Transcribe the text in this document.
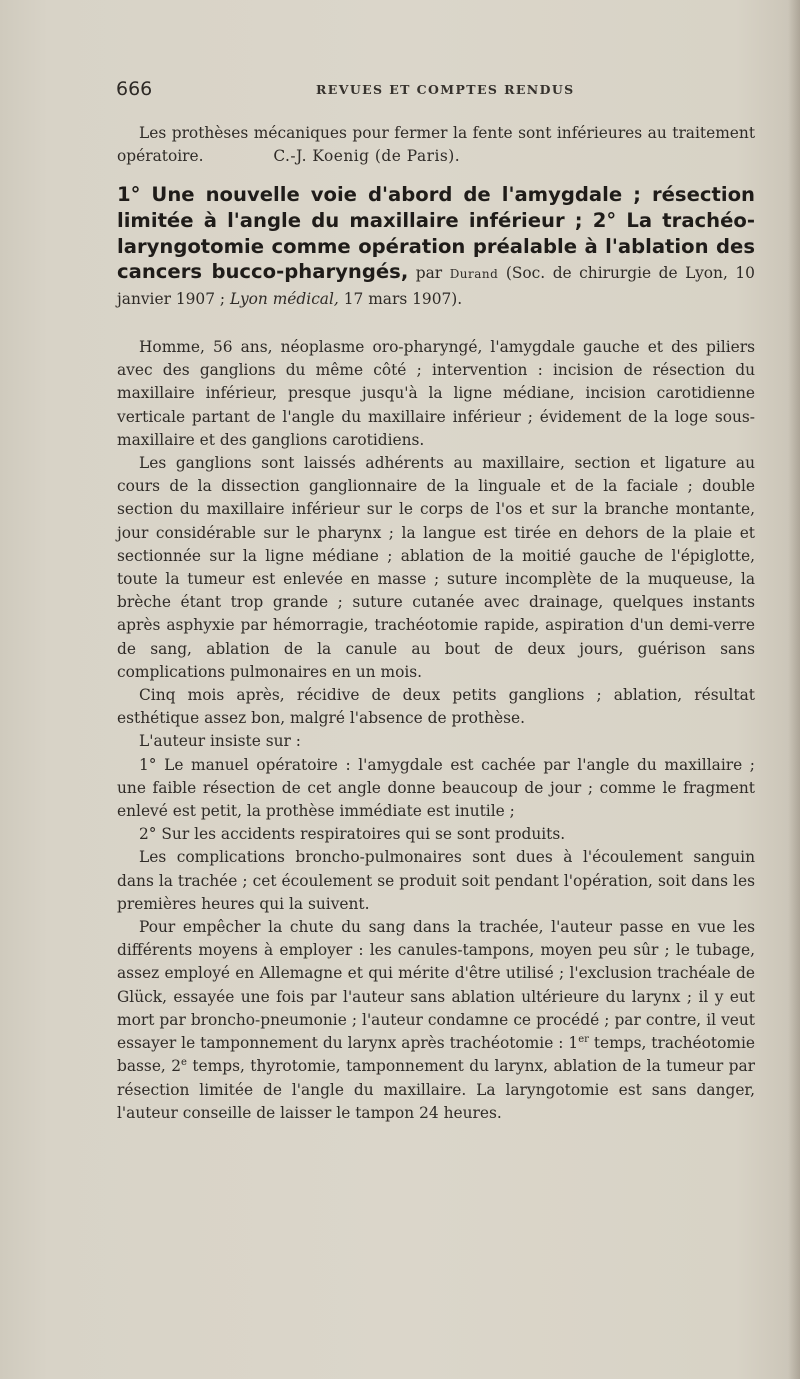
666	REVUES ET COMPTES RENDUS
Les prothèses mécaniques pour fermer la fente sont inférieures au traitement opératoire.	C.-J. Koenig (de Paris).
1° Une nouvelle voie d'abord de l'amygdale ; résection limitée à l'angle du maxillaire inférieur ; 2° La trachéo-laryngotomie comme opération préalable à l'ablation des cancers bucco-pharyngés, par Durand (Soc. de chirurgie de Lyon, 10 janvier 1907 ; Lyon médical, 17 mars 1907).

Homme, 56 ans, néoplasme oro-pharyngé, l'amygdale gauche et des piliers avec des ganglions du même côté ; intervention : incision de résection du maxillaire inférieur, presque jusqu'à la ligne médiane, incision carotidienne verticale partant de l'angle du maxillaire inférieur ; évidement de la loge sous-maxillaire et des ganglions carotidiens.

Les ganglions sont laissés adhérents au maxillaire, section et ligature au cours de la dissection ganglionnaire de la linguale et de la faciale ; double section du maxillaire inférieur sur le corps de l'os et sur la branche montante, jour considérable sur le pharynx ; la langue est tirée en dehors de la plaie et sectionnée sur la ligne médiane ; ablation de la moitié gauche de l'épiglotte, toute la tumeur est enlevée en masse ; suture incomplète de la muqueuse, la brèche étant trop grande ; suture cutanée avec drainage, quelques instants après asphyxie par hémorragie, trachéotomie rapide, aspiration d'un demi-verre de sang, ablation de la canule au bout de deux jours, guérison sans complications pulmonaires en un mois.

Cinq mois après, récidive de deux petits ganglions ; ablation, résultat esthétique assez bon, malgré l'absence de prothèse.

L'auteur insiste sur :

1° Le manuel opératoire : l'amygdale est cachée par l'angle du maxillaire ; une faible résection de cet angle donne beaucoup de jour ; comme le fragment enlevé est petit, la prothèse immédiate est inutile ;

2° Sur les accidents respiratoires qui se sont produits.

Les complications broncho-pulmonaires sont dues à l'écoulement sanguin dans la trachée ; cet écoulement se produit soit pendant l'opération, soit dans les premières heures qui la suivent.

Pour empêcher la chute du sang dans la trachée, l'auteur passe en vue les différents moyens à employer : les canules-tampons, moyen peu sûr ; le tubage, assez employé en Allemagne et qui mérite d'être utilisé ; l'exclusion trachéale de Glück, essayée une fois par l'auteur sans ablation ultérieure du larynx ; il y eut mort par broncho-pneumonie ; l'auteur condamne ce procédé ; par contre, il veut essayer le tamponnement du larynx après trachéotomie : 1er temps, trachéotomie basse, 2e temps, thyrotomie, tamponnement du larynx, ablation de la tumeur par résection limitée de l'angle du maxillaire. La laryngotomie est sans danger, l'auteur conseille de laisser le tampon 24 heures.
